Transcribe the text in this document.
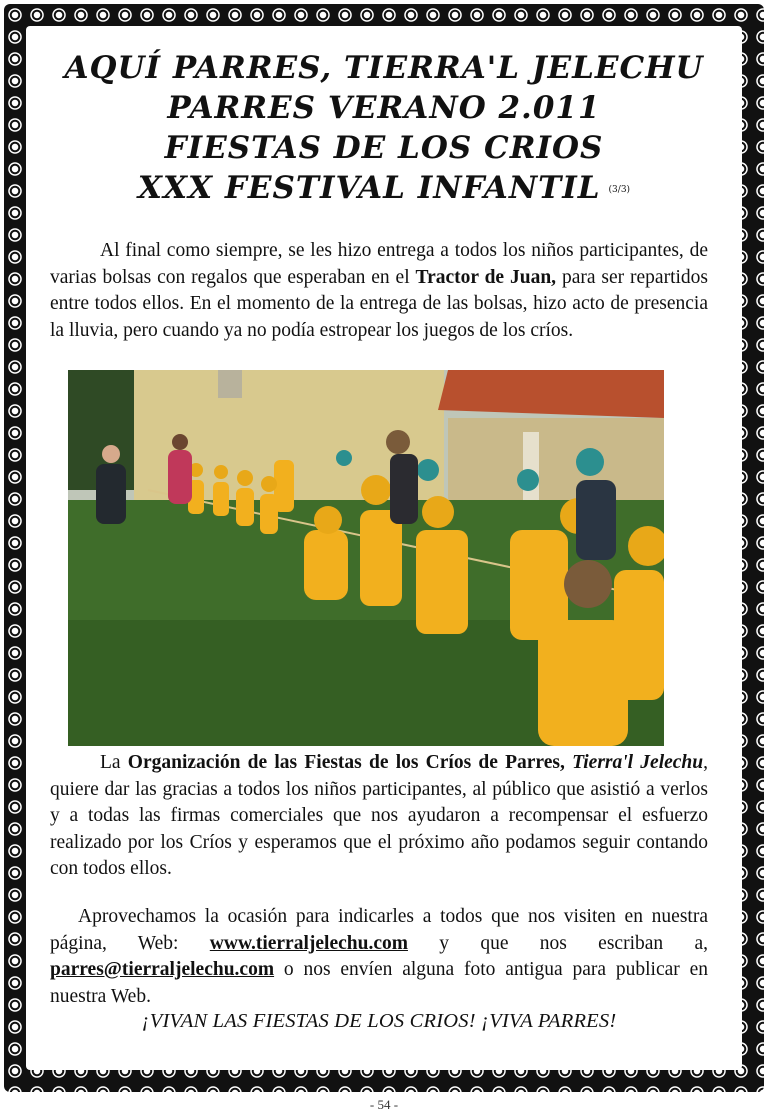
AQUÍ PARRES, TIERRA'L JELECHU
PARRES VERANO 2.011
FIESTAS DE LOS CRIOS
XXX FESTIVAL INFANTIL (3/3)
Al final como siempre, se les hizo entrega a todos los niños participantes, de varias bolsas con regalos que esperaban en el Tractor de Juan, para ser repartidos entre todos ellos. En el momento de la entrega de las bolsas, hizo acto de presencia la lluvia, pero cuando ya no podía estropear los juegos de los críos.
La Organización de las Fiestas de los Críos de Parres, Tierra'l Jelechu, quiere dar las gracias a todos los niños participantes, al público que asistió a verlos y a todas las firmas comerciales que nos ayudaron a recompensar el esfuerzo realizado por los Críos y esperamos que el próximo año podamos seguir contando con todos ellos.
Aprovechamos la ocasión para indicarles a todos que nos visiten en nuestra página, Web: www.tierraljelechu.com y que nos escriban a, parres@tierraljelechu.com o nos envíen alguna foto antigua para publicar en nuestra Web.
¡VIVAN LAS FIESTAS DE LOS CRIOS! ¡VIVA PARRES!
- 54 -
